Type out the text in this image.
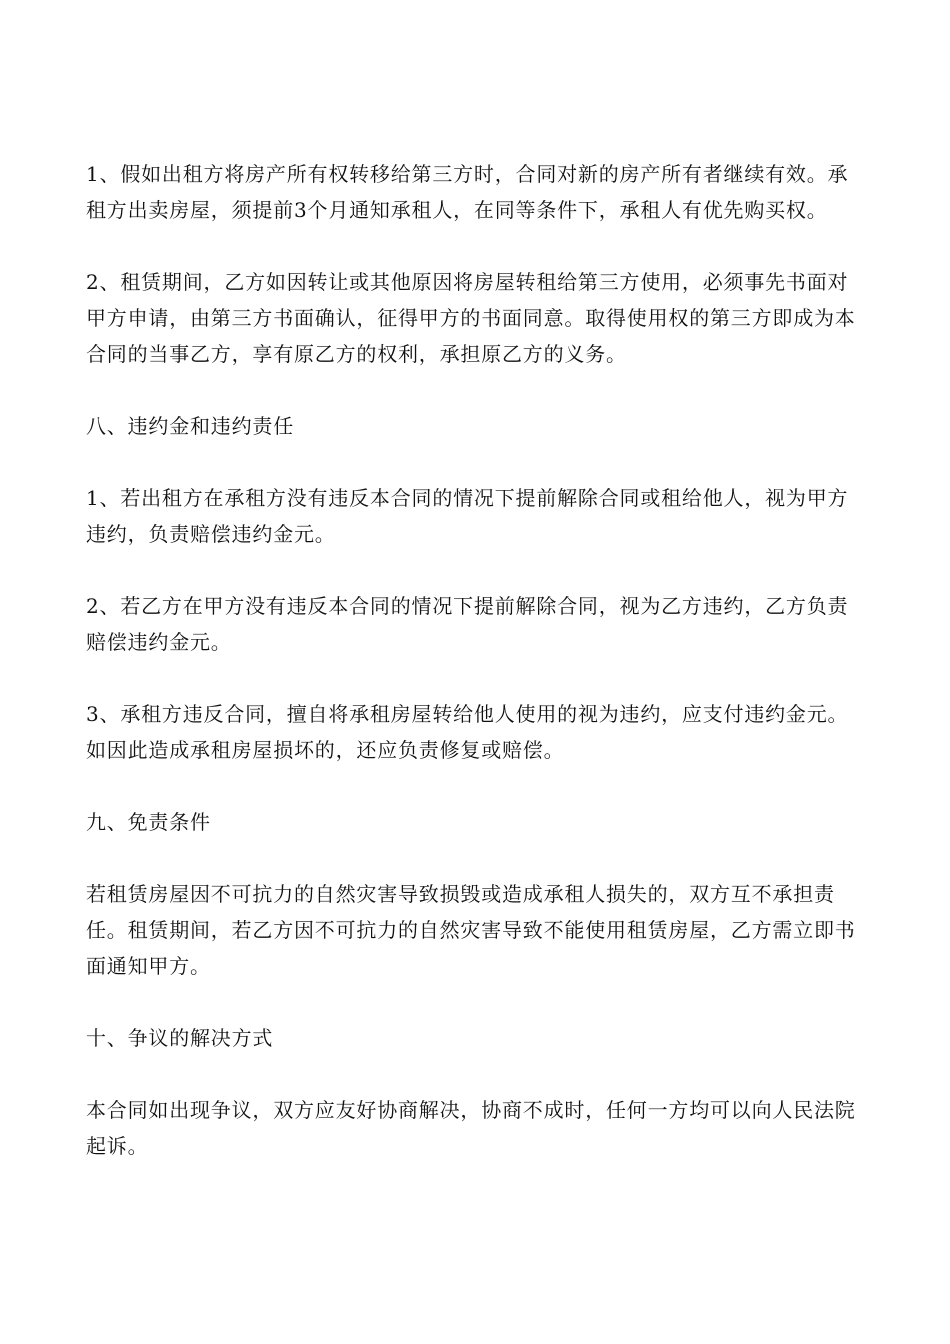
1、假如出租方将房产所有权转移给第三方时，合同对新的房产所有者继续有效。承租方出卖房屋，须提前3个月通知承租人，在同等条件下，承租人有优先购买权。

2、租赁期间，乙方如因转让或其他原因将房屋转租给第三方使用，必须事先书面对甲方申请，由第三方书面确认，征得甲方的书面同意。取得使用权的第三方即成为本合同的当事乙方，享有原乙方的权利，承担原乙方的义务。

八、违约金和违约责任

1、若出租方在承租方没有违反本合同的情况下提前解除合同或租给他人，视为甲方违约，负责赔偿违约金元。

2、若乙方在甲方没有违反本合同的情况下提前解除合同，视为乙方违约，乙方负责赔偿违约金元。

3、承租方违反合同，擅自将承租房屋转给他人使用的视为违约，应支付违约金元。如因此造成承租房屋损坏的，还应负责修复或赔偿。

九、免责条件

若租赁房屋因不可抗力的自然灾害导致损毁或造成承租人损失的，双方互不承担责任。租赁期间，若乙方因不可抗力的自然灾害导致不能使用租赁房屋，乙方需立即书面通知甲方。

十、争议的解决方式

本合同如出现争议，双方应友好协商解决，协商不成时，任何一方均可以向人民法院起诉。
